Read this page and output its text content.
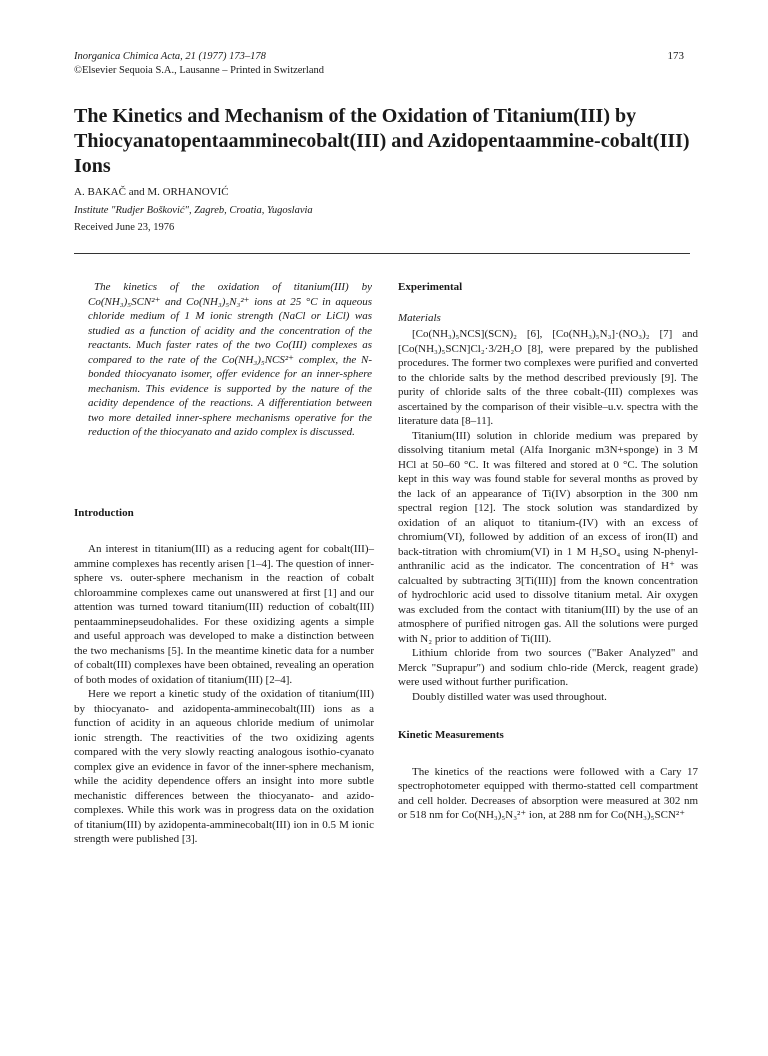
Inorganica Chimica Acta, 21 (1977) 173–178
©Elsevier Sequoia S.A., Lausanne – Printed in Switzerland
173
The Kinetics and Mechanism of the Oxidation of Titanium(III) by Thiocyanatopentaamminecobalt(III) and Azidopentaammine-cobalt(III) Ions
A. BAKAČ and M. ORHANOVIĆ
Institute "Rudjer Bošković", Zagreb, Croatia, Yugoslavia
Received June 23, 1976

The kinetics of the oxidation of titanium(III) by Co(NH₃)₅SCN²⁺ and Co(NH₃)₅N₃²⁺ ions at 25 °C in aqueous chloride medium of 1 M ionic strength (NaCl or LiCl) was studied as a function of acidity and the concentration of the reactants. Much faster rates of the two Co(III) complexes as compared to the rate of the Co(NH₃)₅NCS²⁺ complex, the N-bonded thiocyanato isomer, offer evidence for an inner-sphere mechanism. This evidence is supported by the nature of the acidity dependence of the reactions. A differentiation between two more detailed inner-sphere mechanisms operative for the reduction of the thiocyanato and azido complex is discussed.

Introduction

An interest in titanium(III) as a reducing agent for cobalt(III)–ammine complexes has recently arisen [1–4]. The question of inner-sphere vs. outer-sphere mechanism in the reaction of cobalt chloroammine complexes came out unanswered at first [1] and our attention was turned toward titanium(III) reduction of cobalt(III) pentaamminepseudohalides. For these oxidizing agents a simple and useful approach was developed to make a distinction between the two mechanisms [5]. In the meantime kinetic data for a number of cobalt(III) complexes have been obtained, revealing an operation of both modes of oxidation of titanium(III) [2–4].

Here we report a kinetic study of the oxidation of titanium(III) by thiocyanato- and azidopenta-amminecobalt(III) ions as a function of acidity in an aqueous chloride medium of unimolar ionic strength. The reactivities of the two oxidizing agents compared with the very slowly reacting analogous isothio-cyanato complex give an evidence in favor of the inner-sphere mechanism, while the acidity dependence offers an insight into more subtle mechanistic differences between the thiocyanato- and azido-complexes. While this work was in progress data on the oxidation of titanium(III) by azidopenta-amminecobalt(III) ion in 0.5 M ionic strength were published [3].

Experimental
Materials

[Co(NH₃)₅NCS](SCN)₂ [6], [Co(NH₃)₅N₃]·(NO₃)₂ [7] and [Co(NH₃)₅SCN]Cl₂·3/2H₂O [8], were prepared by the published procedures. The former two complexes were purified and converted to the chloride salts by the method described previously [9]. The purity of chloride salts of the three cobalt-(III) complexes was ascertained by the comparison of their visible–u.v. spectra with the literature data [8–11].

Titanium(III) solution in chloride medium was prepared by dissolving titanium metal (Alfa Inorganic m3N+sponge) in 3 M HCl at 50–60 °C. It was filtered and stored at 0 °C. The solution kept in this way was found stable for several months as proved by the lack of an appearance of Ti(IV) absorption in the 300 nm spectral region [12]. The stock solution was standardized by oxidation of an aliquot to titanium-(IV) with an excess of chromium(VI), followed by addition of an excess of iron(II) and back-titration with chromium(VI) in 1 M H₂SO₄ using N-phenyl-anthranilic acid as the indicator. The concentration of H⁺ was calcualted by subtracting 3[Ti(III)] from the known concentration of hydrochloric acid used to dissolve titanium metal. Air oxygen was excluded from the contact with titanium(III) by the use of an atmosphere of purified nitrogen gas. All the solutions were purged with N₂ prior to addition of Ti(III).

Lithium chloride from two sources ("Baker Analyzed" and Merck "Suprapur") and sodium chlo-ride (Merck, reagent grade) were used without further purification.

Doubly distilled water was used throughout.

Kinetic Measurements

The kinetics of the reactions were followed with a Cary 17 spectrophotometer equipped with thermo-statted cell compartment and cell holder. Decreases of absorption were measured at 302 nm or 518 nm for Co(NH₃)₅N₃²⁺ ion, at 288 nm for Co(NH₃)₅SCN²⁺
